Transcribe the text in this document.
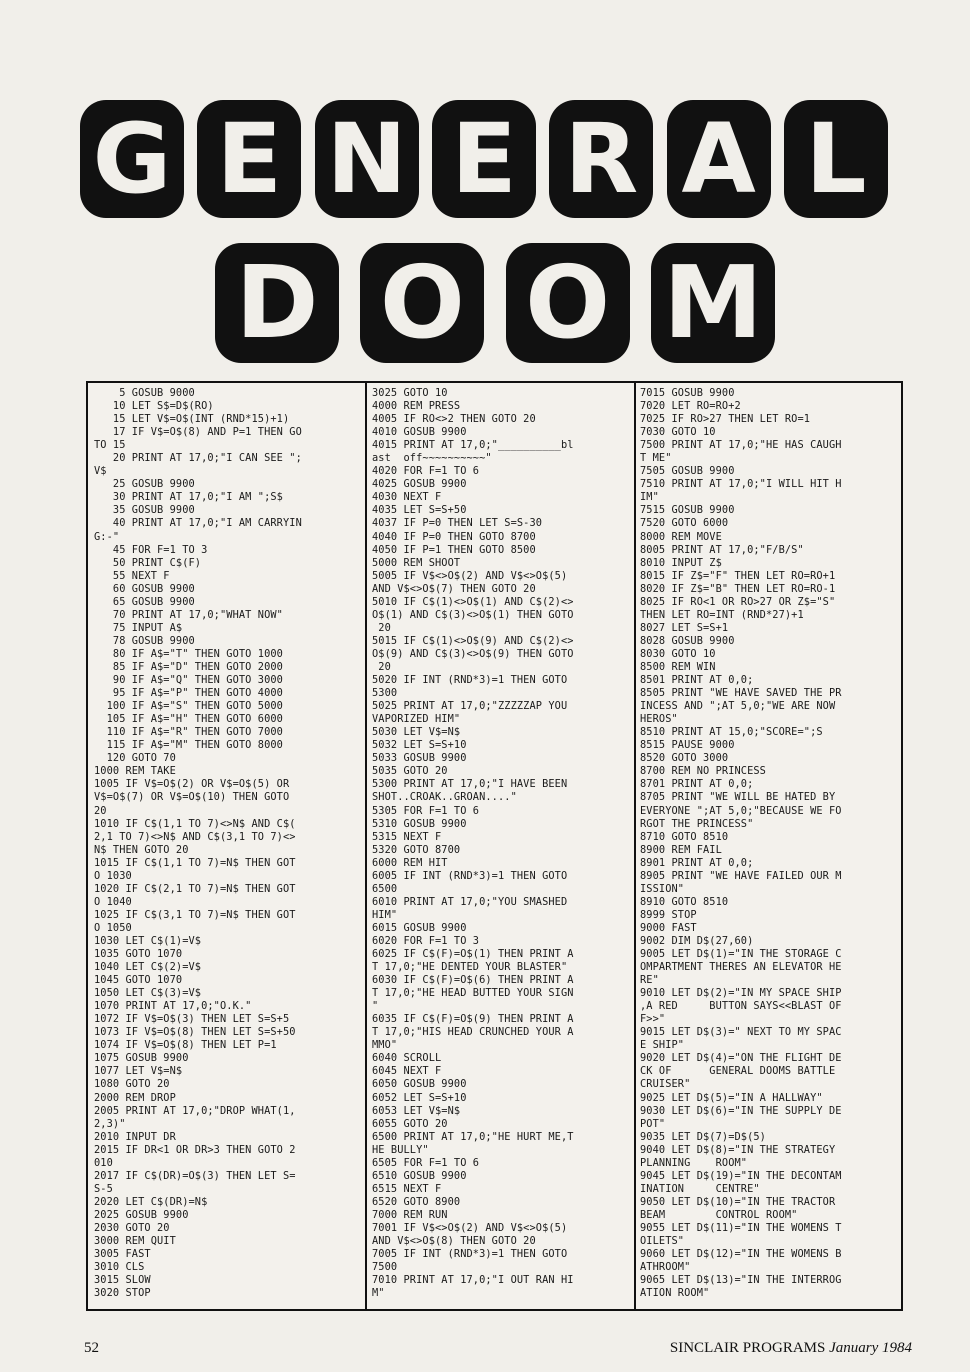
G E N E R A L
D O O M
5 GOSUB 9000
10 LET S$=D$(RO)
15 LET V$=O$(INT (RND*15)+1)
17 IF V$=O$(8) AND P=1 THEN GO
TO 15
20 PRINT AT 17,0;"I CAN SEE ";
V$
25 GOSUB 9900
30 PRINT AT 17,0;"I AM ";S$
35 GOSUB 9900
40 PRINT AT 17,0;"I AM CARRYIN
G:-"
45 FOR F=1 TO 3
50 PRINT C$(F)
55 NEXT F
60 GOSUB 9900
65 GOSUB 9900
70 PRINT AT 17,0;"WHAT NOW"
75 INPUT A$
78 GOSUB 9900
80 IF A$="T" THEN GOTO 1000
85 IF A$="D" THEN GOTO 2000
90 IF A$="Q" THEN GOTO 3000
95 IF A$="P" THEN GOTO 4000
100 IF A$="S" THEN GOTO 5000
105 IF A$="H" THEN GOTO 6000
110 IF A$="R" THEN GOTO 7000
115 IF A$="M" THEN GOTO 8000
120 GOTO 70
1000 REM TAKE
1005 IF V$=O$(2) OR V$=O$(5) OR
V$=O$(7) OR V$=O$(10) THEN GOTO
20
1010 IF C$(1,1 TO 7)<>N$ AND C$(
2,1 TO 7)<>N$ AND C$(3,1 TO 7)<>
N$ THEN GOTO 20
1015 IF C$(1,1 TO 7)=N$ THEN GOT
O 1030
1020 IF C$(2,1 TO 7)=N$ THEN GOT
O 1040
1025 IF C$(3,1 TO 7)=N$ THEN GOT
O 1050
1030 LET C$(1)=V$
1035 GOTO 1070
1040 LET C$(2)=V$
1045 GOTO 1070
1050 LET C$(3)=V$
1070 PRINT AT 17,0;"O.K."
1072 IF V$=O$(3) THEN LET S=S+5
1073 IF V$=O$(8) THEN LET S=S+50
1074 IF V$=O$(8) THEN LET P=1
1075 GOSUB 9900
1077 LET V$=N$
1080 GOTO 20
2000 REM DROP
2005 PRINT AT 17,0;"DROP WHAT(1,
2,3)"
2010 INPUT DR
2015 IF DR<1 OR DR>3 THEN GOTO 2
010
2017 IF C$(DR)=O$(3) THEN LET S=
S-5
2020 LET C$(DR)=N$
2025 GOSUB 9900
2030 GOTO 20
3000 REM QUIT
3005 FAST
3010 CLS
3015 SLOW
3020 STOP
3025 GOTO 10
4000 REM PRESS
4005 IF RO<>2 THEN GOTO 20
4010 GOSUB 9900
4015 PRINT AT 17,0;"__________bl
ast  off~~~~~~~~~~"
4020 FOR F=1 TO 6
4025 GOSUB 9900
4030 NEXT F
4035 LET S=S+50
4037 IF P=0 THEN LET S=S-30
4040 IF P=0 THEN GOTO 8700
4050 IF P=1 THEN GOTO 8500
5000 REM SHOOT
5005 IF V$<>O$(2) AND V$<>O$(5)
AND V$<>O$(7) THEN GOTO 20
5010 IF C$(1)<>O$(1) AND C$(2)<>
O$(1) AND C$(3)<>O$(1) THEN GOTO
20
5015 IF C$(1)<>O$(9) AND C$(2)<>
O$(9) AND C$(3)<>O$(9) THEN GOTO
20
5020 IF INT (RND*3)=1 THEN GOTO
5300
5025 PRINT AT 17,0;"ZZZZZAP YOU
VAPORIZED HIM"
5030 LET V$=N$
5032 LET S=S+10
5033 GOSUB 9900
5035 GOTO 20
5300 PRINT AT 17,0;"I HAVE BEEN
SHOT..CROAK..GROAN...."
5305 FOR F=1 TO 6
5310 GOSUB 9900
5315 NEXT F
5320 GOTO 8700
6000 REM HIT
6005 IF INT (RND*3)=1 THEN GOTO
6500
6010 PRINT AT 17,0;"YOU SMASHED
HIM"
6015 GOSUB 9900
6020 FOR F=1 TO 3
6025 IF C$(F)=O$(1) THEN PRINT A
T 17,0;"HE DENTED YOUR BLASTER"
6030 IF C$(F)=O$(6) THEN PRINT A
T 17,0;"HE HEAD BUTTED YOUR SIGN
"
6035 IF C$(F)=O$(9) THEN PRINT A
T 17,0;"HIS HEAD CRUNCHED YOUR A
MMO"
6040 SCROLL
6045 NEXT F
6050 GOSUB 9900
6052 LET S=S+10
6053 LET V$=N$
6055 GOTO 20
6500 PRINT AT 17,0;"HE HURT ME,T
HE BULLY"
6505 FOR F=1 TO 6
6510 GOSUB 9900
6515 NEXT F
6520 GOTO 8900
7000 REM RUN
7001 IF V$<>O$(2) AND V$<>O$(5)
AND V$<>O$(8) THEN GOTO 20
7005 IF INT (RND*3)=1 THEN GOTO
7500
7010 PRINT AT 17,0;"I OUT RAN HI
M"
7015 GOSUB 9900
7020 LET RO=RO+2
7025 IF RO>27 THEN LET RO=1
7030 GOTO 10
7500 PRINT AT 17,0;"HE HAS CAUGH
T ME"
7505 GOSUB 9900
7510 PRINT AT 17,0;"I WILL HIT H
IM"
7515 GOSUB 9900
7520 GOTO 6000
8000 REM MOVE
8005 PRINT AT 17,0;"F/B/S"
8010 INPUT Z$
8015 IF Z$="F" THEN LET RO=RO+1
8020 IF Z$="B" THEN LET RO=RO-1
8025 IF RO<1 OR RO>27 OR Z$="S"
THEN LET RO=INT (RND*27)+1
8027 LET S=S+1
8028 GOSUB 9900
8030 GOTO 10
8500 REM WIN
8501 PRINT AT 0,0;
8505 PRINT "WE HAVE SAVED THE PR
INCESS AND ";AT 5,0;"WE ARE NOW
HEROS"
8510 PRINT AT 15,0;"SCORE=";S
8515 PAUSE 9000
8520 GOTO 3000
8700 REM NO PRINCESS
8701 PRINT AT 0,0;
8705 PRINT "WE WILL BE HATED BY
EVERYONE ";AT 5,0;"BECAUSE WE FO
RGOT THE PRINCESS"
8710 GOTO 8510
8900 REM FAIL
8901 PRINT AT 0,0;
8905 PRINT "WE HAVE FAILED OUR M
ISSION"
8910 GOTO 8510
8999 STOP
9000 FAST
9002 DIM D$(27,60)
9005 LET D$(1)="IN THE STORAGE C
OMPARTMENT THERES AN ELEVATOR HE
RE"
9010 LET D$(2)="IN MY SPACE SHIP
,A RED     BUTTON SAYS<<BLAST OF
F>>"
9015 LET D$(3)=" NEXT TO MY SPAC
E SHIP"
9020 LET D$(4)="ON THE FLIGHT DE
CK OF      GENERAL DOOMS BATTLE
CRUISER"
9025 LET D$(5)="IN A HALLWAY"
9030 LET D$(6)="IN THE SUPPLY DE
POT"
9035 LET D$(7)=D$(5)
9040 LET D$(8)="IN THE STRATEGY
PLANNING    ROOM"
9045 LET D$(19)="IN THE DECONTAM
INATION     CENTRE"
9050 LET D$(10)="IN THE TRACTOR
BEAM        CONTROL ROOM"
9055 LET D$(11)="IN THE WOMENS T
OILETS"
9060 LET D$(12)="IN THE WOMENS B
ATHROOM"
9065 LET D$(13)="IN THE INTERROG
ATION ROOM"
52	SINCLAIR PROGRAMS January 1984
